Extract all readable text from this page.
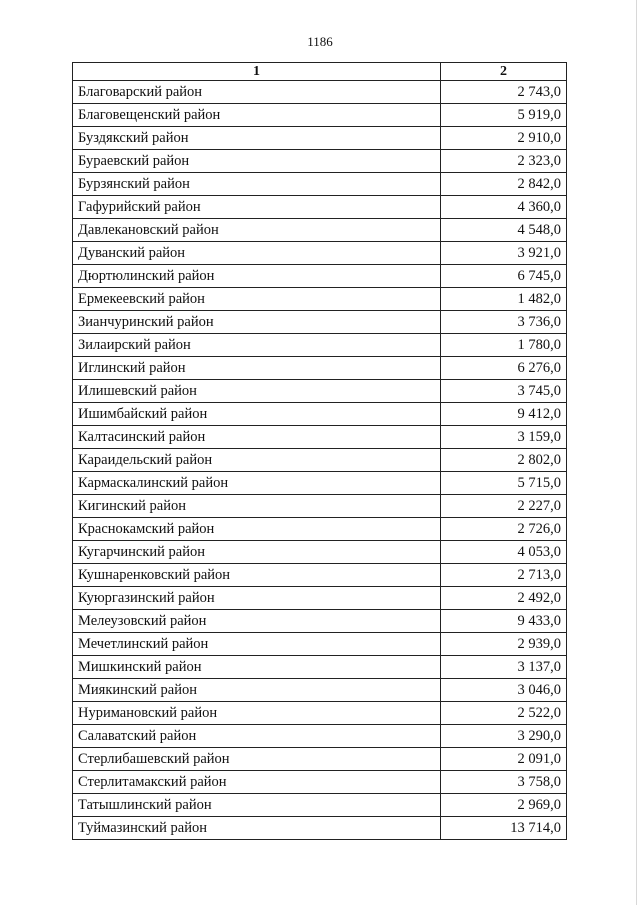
1186
1	2
Благоварский район	2 743,0
Благовещенский район	5 919,0
Буздякский район	2 910,0
Бураевский район	2 323,0
Бурзянский район	2 842,0
Гафурийский район	4 360,0
Давлекановский район	4 548,0
Дуванский район	3 921,0
Дюртюлинский район	6 745,0
Ермекеевский район	1 482,0
Зианчуринский район	3 736,0
Зилаирский район	1 780,0
Иглинский район	6 276,0
Илишевский район	3 745,0
Ишимбайский район	9 412,0
Калтасинский район	3 159,0
Караидельский район	2 802,0
Кармаскалинский район	5 715,0
Кигинский район	2 227,0
Краснокамский район	2 726,0
Кугарчинский район	4 053,0
Кушнаренковский район	2 713,0
Куюргазинский район	2 492,0
Мелеузовский район	9 433,0
Мечетлинский район	2 939,0
Мишкинский район	3 137,0
Миякинский район	3 046,0
Нуримановский район	2 522,0
Салаватский район	3 290,0
Стерлибашевский район	2 091,0
Стерлитамакский район	3 758,0
Татышлинский район	2 969,0
Туймазинский район	13 714,0
